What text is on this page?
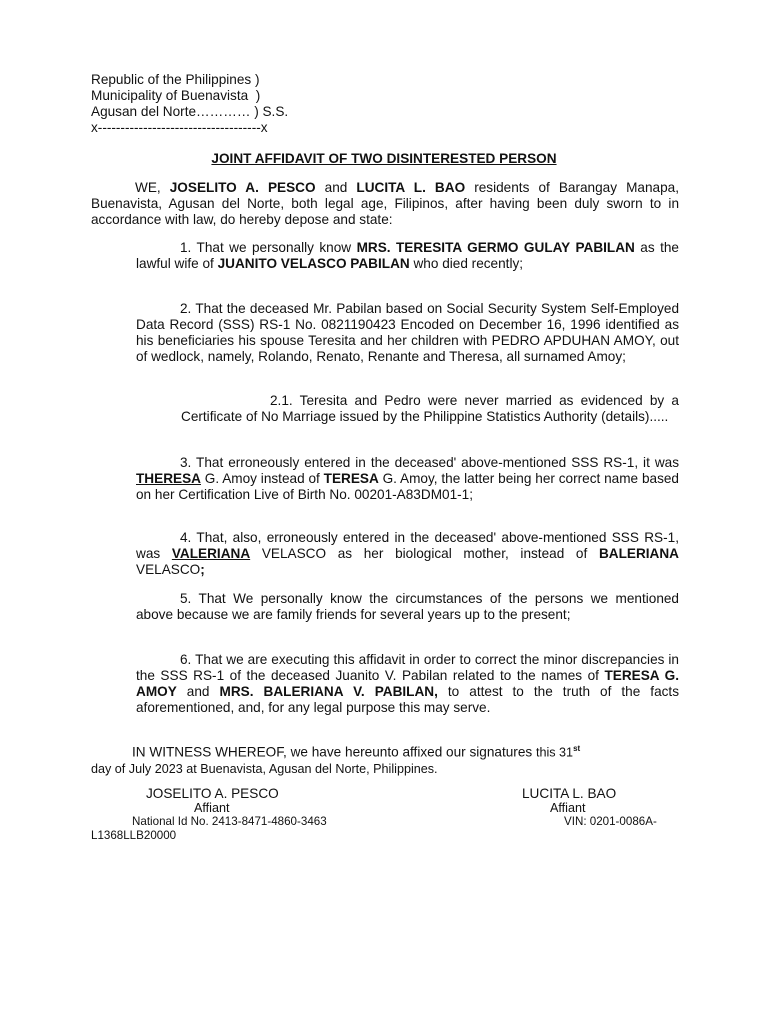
Republic of the Philippines )
Municipality of Buenavista  )
Agusan del Norte………… ) S.S.
x------------------------------------x
JOINT AFFIDAVIT OF TWO DISINTERESTED PERSON
WE, JOSELITO A. PESCO and LUCITA L. BAO residents of Barangay Manapa, Buenavista, Agusan del Norte, both legal age, Filipinos, after having been duly sworn to in accordance with law, do hereby depose and state:
1. That we personally know MRS. TERESITA GERMO GULAY PABILAN as the lawful wife of JUANITO VELASCO PABILAN who died recently;
2. That the deceased Mr. Pabilan based on Social Security System Self-Employed Data Record (SSS) RS-1 No. 0821190423 Encoded on December 16, 1996 identified as his beneficiaries his spouse Teresita and her children with PEDRO APDUHAN AMOY, out of wedlock, namely, Rolando, Renato, Renante and Theresa, all surnamed Amoy;
2.1. Teresita and Pedro were never married as evidenced by a Certificate of No Marriage issued by the Philippine Statistics Authority (details).....
3. That erroneously entered in the deceased' above-mentioned SSS RS-1, it was THERESA G. Amoy instead of TERESA G. Amoy, the latter being her correct name based on her Certification Live of Birth No. 00201-A83DM01-1;
4. That, also, erroneously entered in the deceased' above-mentioned SSS RS-1, was VALERIANA VELASCO as her biological mother, instead of BALERIANA VELASCO;
5. That We personally know the circumstances of the persons we mentioned above because we are family friends for several years up to the present;
6. That we are executing this affidavit in order to correct the minor discrepancies in the SSS RS-1 of the deceased Juanito V. Pabilan related to the names of TERESA G. AMOY and MRS. BALERIANA V. PABILAN, to attest to the truth of the facts aforementioned, and, for any legal purpose this may serve.
IN WITNESS WHEREOF, we have hereunto affixed our signatures this 31st
day of July 2023 at Buenavista, Agusan del Norte, Philippines.
JOSELITO A. PESCO
Affiant
National Id No. 2413-8471-4860-3463
L1368LLB20000
LUCITA L. BAO
Affiant
VIN: 0201-0086A-
